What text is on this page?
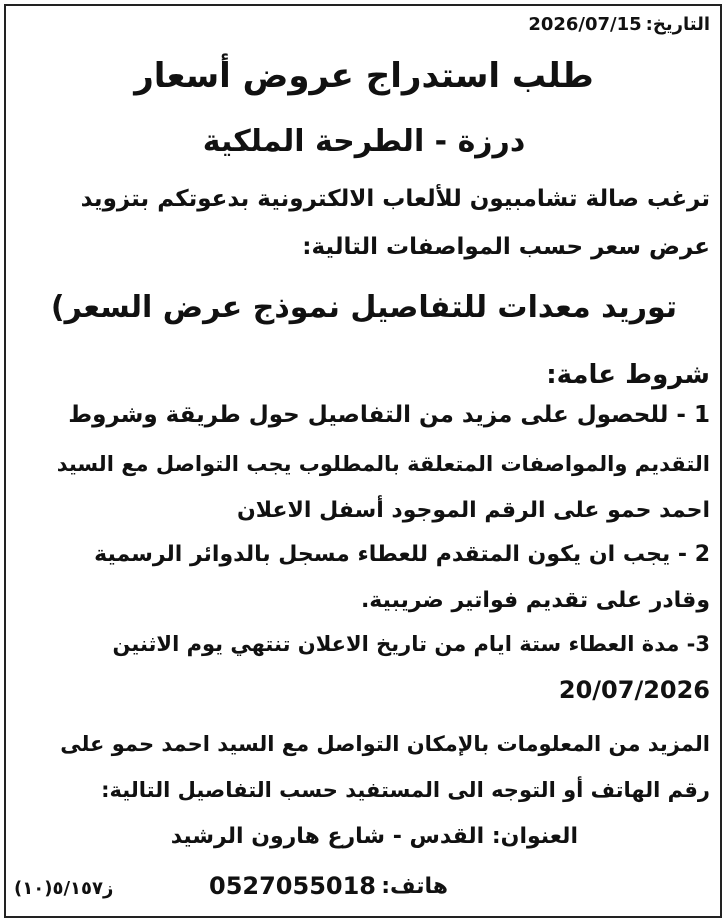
التاريخ:2026/07/15
طلب استدراج عروض أسعار
درزة - الطرحة الملكية
ترغب صالة تشامبيون للألعاب الالكترونية بدعوتكم بتزويد
عرض سعر حسب المواصفات التالية:
توريد معدات للتفاصيل نموذج عرض السعر)
شروط عامة:
1 - للحصول على مزيد من التفاصيل حول طريقة وشروط
التقديم والمواصفات المتعلقة بالمطلوب يجب التواصل مع السيد
احمد حمو على الرقم الموجود أسفل الاعلان
2 - يجب ان يكون المتقدم للعطاء مسجل بالدوائر الرسمية
وقادر على تقديم فواتير ضريبية.
3- مدة العطاء ستة ايام من تاريخ الاعلان تنتهي يوم الاثنين
20/07/2026
المزيد من المعلومات بالإمكان التواصل مع السيد احمد حمو على
رقم الهاتف أو التوجه الى المستفيد حسب التفاصيل التالية:
العنوان: القدس - شارع هارون الرشيد
هاتف:
0527055018
ز٥/١٥٧(١٠)
